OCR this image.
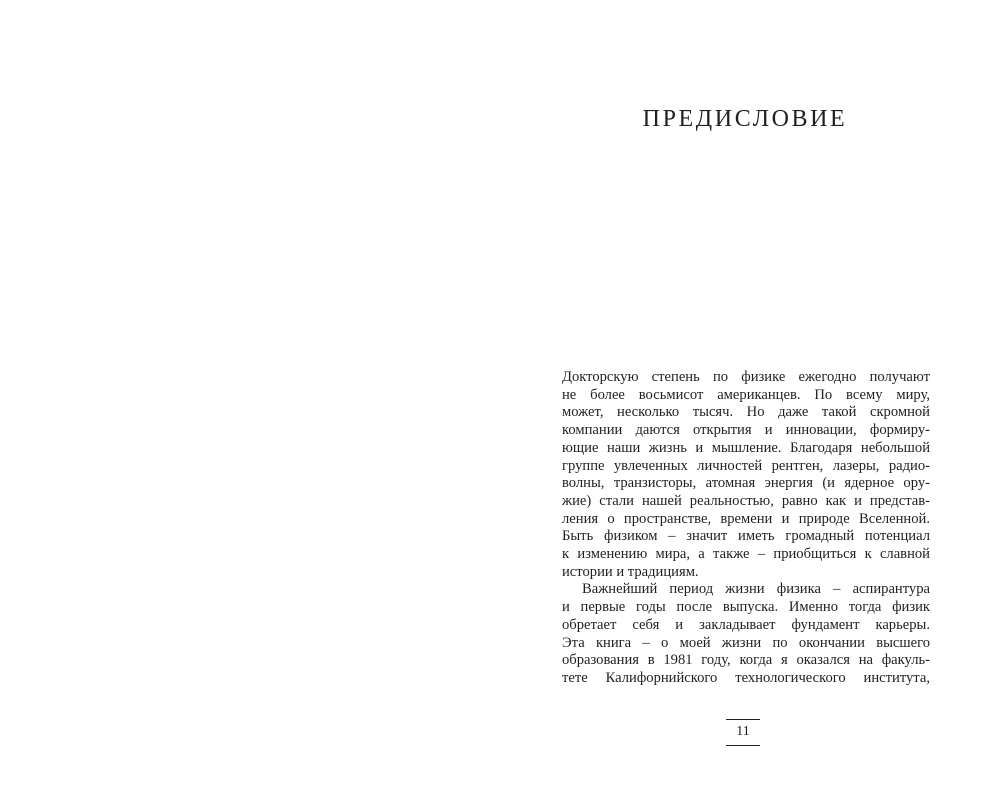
ПРЕДИСЛОВИЕ
Докторскую степень по физике ежегодно получают
не более восьмисот американцев. По всему миру,
может, несколько тысяч. Но даже такой скромной
компании даются открытия и инновации, формиру-
ющие наши жизнь и мышление. Благодаря небольшой
группе увлеченных личностей рентген, лазеры, радио-
волны, транзисторы, атомная энергия (и ядерное ору-
жие) стали нашей реальностью, равно как и представ-
ления о пространстве, времени и природе Вселенной.
Быть физиком – значит иметь громадный потенциал
к изменению мира, а также – приобщиться к славной
истории и традициям.
Важнейший период жизни физика – аспирантура
и первые годы после выпуска. Именно тогда физик
обретает себя и закладывает фундамент карьеры.
Эта книга – о моей жизни по окончании высшего
образования в 1981 году, когда я оказался на факуль-
тете Калифорнийского технологического института,
11
